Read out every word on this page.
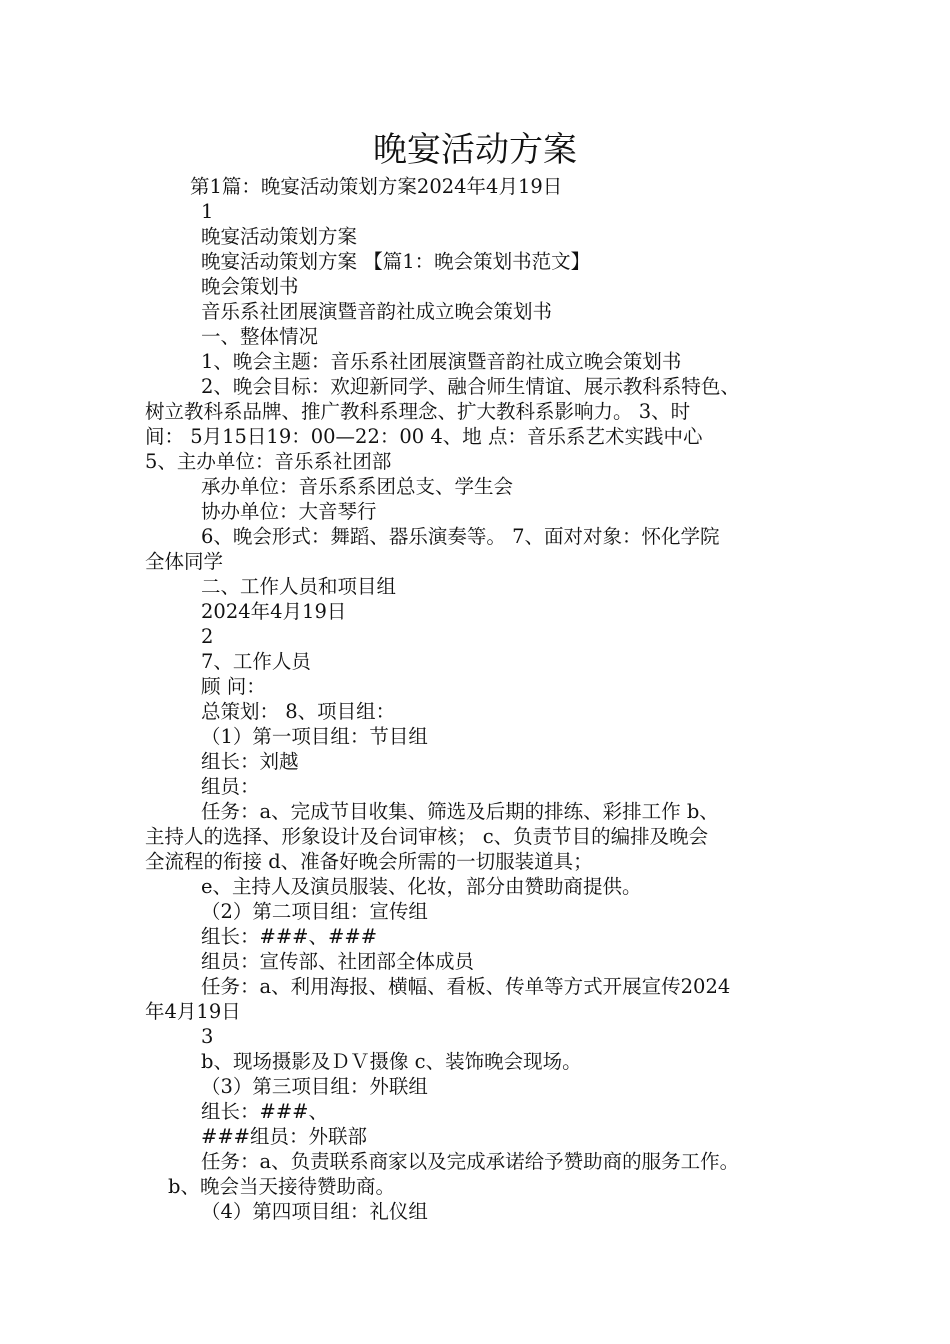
晚宴活动方案
第1篇：晚宴活动策划方案2024年4月19日
1
晚宴活动策划方案
晚宴活动策划方案 【篇1：晚会策划书范文】
晚会策划书
音乐系社团展演暨音韵社成立晚会策划书
一、整体情况
1、晚会主题：音乐系社团展演暨音韵社成立晚会策划书
2、晚会目标：欢迎新同学、融合师生情谊、展示教科系特色、
树立教科系品牌、推广教科系理念、扩大教科系影响力。 3、时
间： 5月15日19：00—22：00 4、地 点：音乐系艺术实践中心
5、主办单位：音乐系社团部
承办单位：音乐系系团总支、学生会
协办单位：大音琴行
6、晚会形式：舞蹈、器乐演奏等。 7、面对对象：怀化学院
全体同学
二、工作人员和项目组
2024年4月19日
2
7、工作人员
顾 问：
总策划： 8、项目组：
（1）第一项目组：节目组
组长：刘越
组员：
任务：a、完成节目收集、筛选及后期的排练、彩排工作 b、
主持人的选择、形象设计及台词审核； c、负责节目的编排及晚会
全流程的衔接 d、准备好晚会所需的一切服装道具；
e、主持人及演员服装、化妆，部分由赞助商提供。
（2）第二项目组：宣传组
组长：###、###
组员：宣传部、社团部全体成员
任务：a、利用海报、横幅、看板、传单等方式开展宣传2024
年4月19日
3
b、现场摄影及ＤＶ摄像 c、装饰晚会现场。
（3）第三项目组：外联组
组长：###、
###组员：外联部
任务：a、负责联系商家以及完成承诺给予赞助商的服务工作。
b、晚会当天接待赞助商。
（4）第四项目组：礼仪组
